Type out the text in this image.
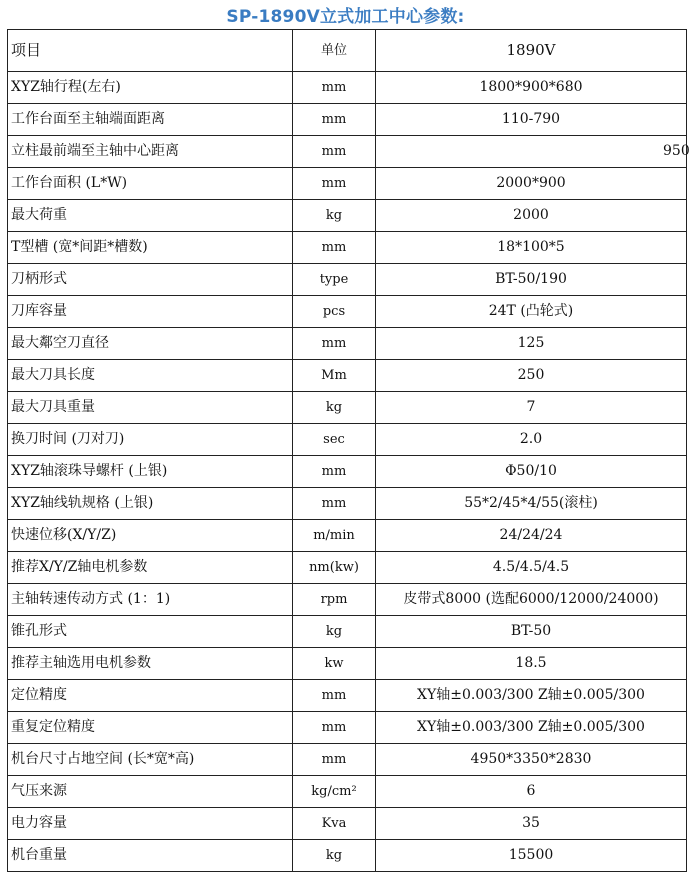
SP-1890V立式加工中心参数:
项目	单位	1890V
XYZ轴行程(左右)	mm	1800*900*680
工作台面至主轴端面距离	mm	110-790
立柱最前端至主轴中心距离	mm	950
工作台面积 (L*W)	mm	2000*900
最大荷重	kg	2000
T型槽 (宽*间距*槽数)	mm	18*100*5
刀柄形式	type	BT-50/190
刀库容量	pcs	24T (凸轮式)
最大鄰空刀直径	mm	125
最大刀具长度	Mm	250
最大刀具重量	kg	7
换刀时间 (刀对刀)	sec	2.0
XYZ轴滚珠导螺杆 (上银)	mm	Φ50/10
XYZ轴线轨规格 (上银)	mm	55*2/45*4/55(滚柱)
快速位移(X/Y/Z)	m/min	24/24/24
推荐X/Y/Z轴电机参数	nm(kw)	4.5/4.5/4.5
主轴转速传动方式 (1：1)	rpm	皮带式8000 (选配6000/12000/24000)
锥孔形式	kg	BT-50
推荐主轴选用电机参数	kw	18.5
定位精度	mm	XY轴±0.003/300 Z轴±0.005/300
重复定位精度	mm	XY轴±0.003/300 Z轴±0.005/300
机台尺寸占地空间 (长*宽*高)	mm	4950*3350*2830
气压来源	kg/cm²	6
电力容量	Kva	35
机台重量	kg	15500
